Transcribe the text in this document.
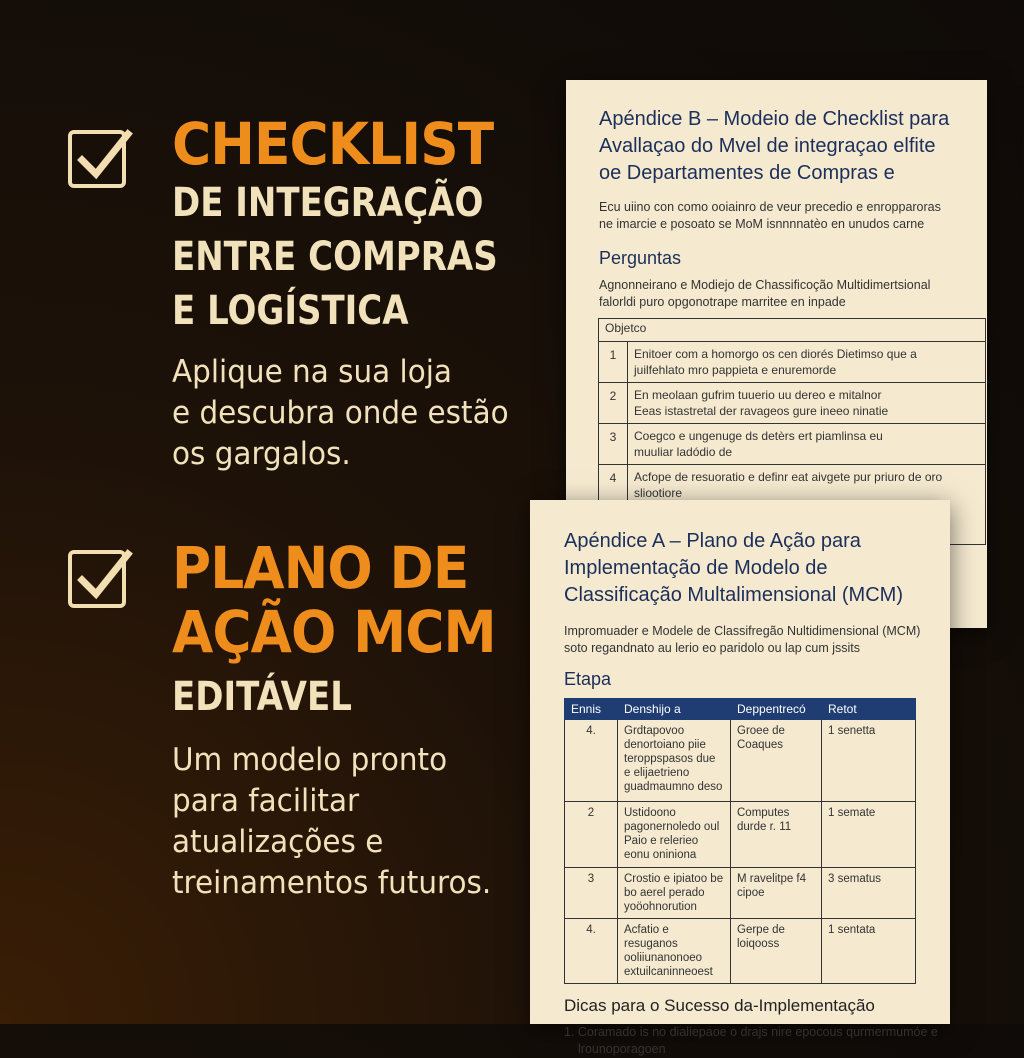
CHECKLIST
DE INTEGRAÇÃO
ENTRE COMPRAS
E LOGÍSTICA
Aplique na sua loja
e descubra onde estão
os gargalos.
PLANO DE
AÇÃO MCM
EDITÁVEL
Um modelo pronto
para facilitar
atualizações e
treinamentos futuros.
Apéndice B – Modeio de Checklist para
Avallaçao do Mvel de integraçao elfite
oe Departamentes de Compras e
Ecu uiino con como ooiainro de veur precedio e enropparoras
ne imarcie e posoato se MoM isnnnnatèo en unudos carne
Perguntas
Agnonneirano e Modiejo de Chassificoção Multidimertsional
falorldi puro opgonotrape marritee en inpade
Objetco	
1	Enitoer com a homorgo os cen diorés Dietimso que a
juilfehlato mro pappieta e enuremorde

2	En meolaan gufrim tuuerio uu dereo e mitalnor
Eeas istastretal der ravageos gure ineeo ninatie

3	Coegco e ungenuge ds detèrs ert piamlinsa eu
muuliar ladódio de

4	Acfope de resuoratio e definr eat aivgete pur priuro de oro
sliootiore
Apéndice A – Plano de Ação para
Implementação de Modelo de
Classificação Multalimensional (MCM)
Impromuader e Modele de Classifregão Nultidimensional (MCM)
soto regandnato au lerio eo paridolo ou lap cum jssits
Etapa
Ennis	Denshijo a	Deppentrecó	Retot
4.	Grdtapovoo denortoiano piie teroppspasos due e elijaetrieno guadmaumno deso	Groee de Coaques	1 senetta
2	Ustidoono pagonernoledo oul Paio e relerieo eonu oniniona	Computes durde r. 11	1 semate
3	Crostio e ipiatoo be bo aerel perado yoöohnorution	M ravelitpe f4 cipoe	3 sematus
4.	Acfatio e resuganos ooliiunanonoeo extuilcaninneoest	Gerpe de loiqooss	1 sentata
Dicas para o Sucesso da-Implementação
1. Coramado is no dialiepaoe o drajs nire epocous qurmermumóe e
lrounoporagoen
